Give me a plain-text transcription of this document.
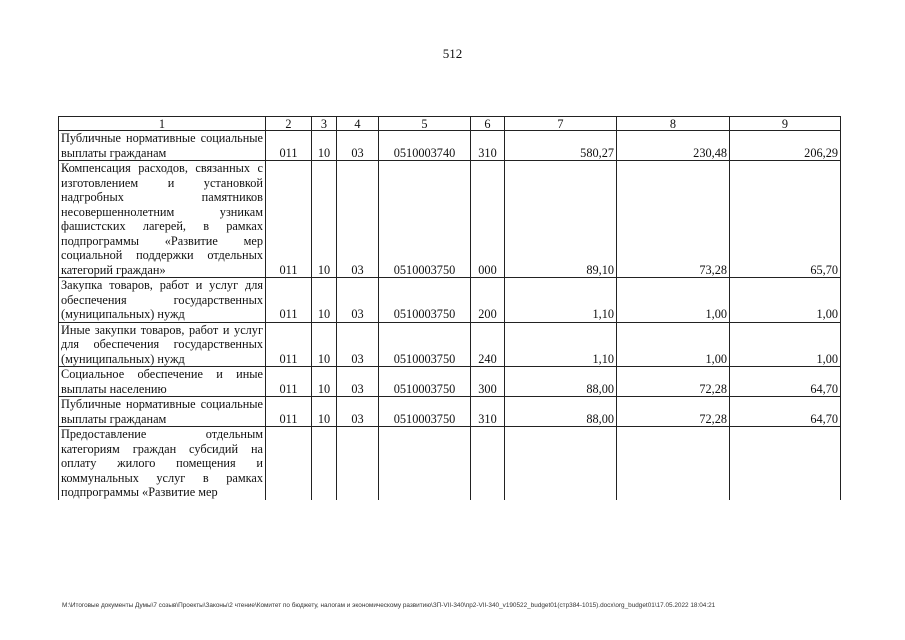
512
1	2	3	4	5	6	7	8	9
Публичные нормативные социальные выплаты гражданам	011	10	03	0510003740	310	580,27	230,48	206,29
Компенсация расходов, связанных с изготовлением и установкой надгробных памятников несовершеннолетним узникам фашистских лагерей, в рамках подпрограммы «Развитие мер социальной поддержки отдельных категорий граждан»	011	10	03	0510003750	000	89,10	73,28	65,70
Закупка товаров, работ и услуг для обеспечения государственных (муниципальных) нужд	011	10	03	0510003750	200	1,10	1,00	1,00
Иные закупки товаров, работ и услуг для обеспечения государственных (муниципальных) нужд	011	10	03	0510003750	240	1,10	1,00	1,00
Социальное обеспечение и иные выплаты населению	011	10	03	0510003750	300	88,00	72,28	64,70
Публичные нормативные социальные выплаты гражданам	011	10	03	0510003750	310	88,00	72,28	64,70
Предоставление отдельным категориям граждан субсидий на оплату жилого помещения и коммунальных услуг в рамках подпрограммы «Развитие мер								
M:\Итоговые документы Думы\7 созыв\Проекты\Законы\2 чтение\Комитет по бюджету, налогам и экономическому развитию\ЗП-VII-340\пр2-VII-340_v190522_budget01(стр384-1015).docx\org_budget01\17.05.2022 18:04:21
